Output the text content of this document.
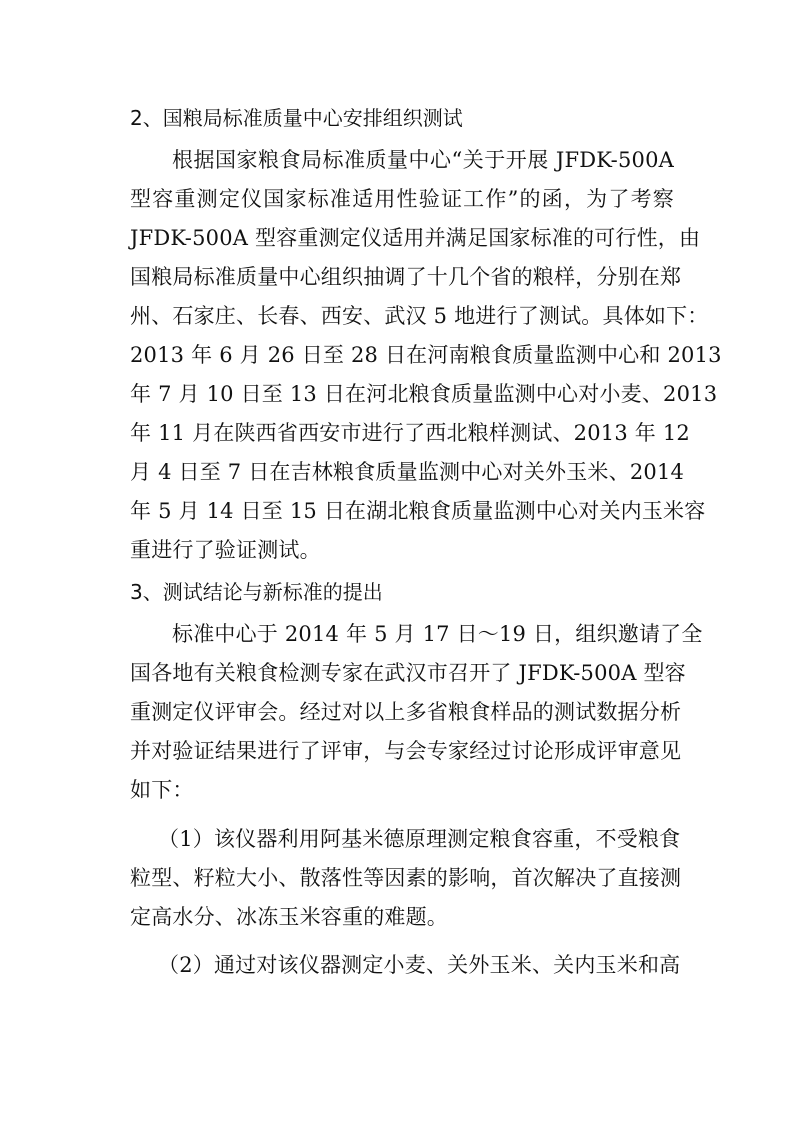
2、国粮局标准质量中心安排组织测试
根据国家粮食局标准质量中心“关于开展 JFDK-500A
型容重测定仪国家标准适用性验证工作”的函，为了考察
JFDK-500A 型容重测定仪适用并满足国家标准的可行性，由
国粮局标准质量中心组织抽调了十几个省的粮样，分别在郑
州、石家庄、长春、西安、武汉 5 地进行了测试。具体如下：
2013 年 6 月 26 日至 28 日在河南粮食质量监测中心和 2013
年 7 月 10 日至 13 日在河北粮食质量监测中心对小麦、2013
年 11 月在陕西省西安市进行了西北粮样测试、2013 年 12
月 4 日至 7 日在吉林粮食质量监测中心对关外玉米、2014
年 5 月 14 日至 15 日在湖北粮食质量监测中心对关内玉米容
重进行了验证测试。
3、测试结论与新标准的提出
标准中心于 2014 年 5 月 17 日～19 日，组织邀请了全
国各地有关粮食检测专家在武汉市召开了 JFDK-500A 型容
重测定仪评审会。经过对以上多省粮食样品的测试数据分析
并对验证结果进行了评审，与会专家经过讨论形成评审意见
如下：
（1）该仪器利用阿基米德原理测定粮食容重，不受粮食
粒型、籽粒大小、散落性等因素的影响，首次解决了直接测
定高水分、冰冻玉米容重的难题。
（2）通过对该仪器测定小麦、关外玉米、关内玉米和高
